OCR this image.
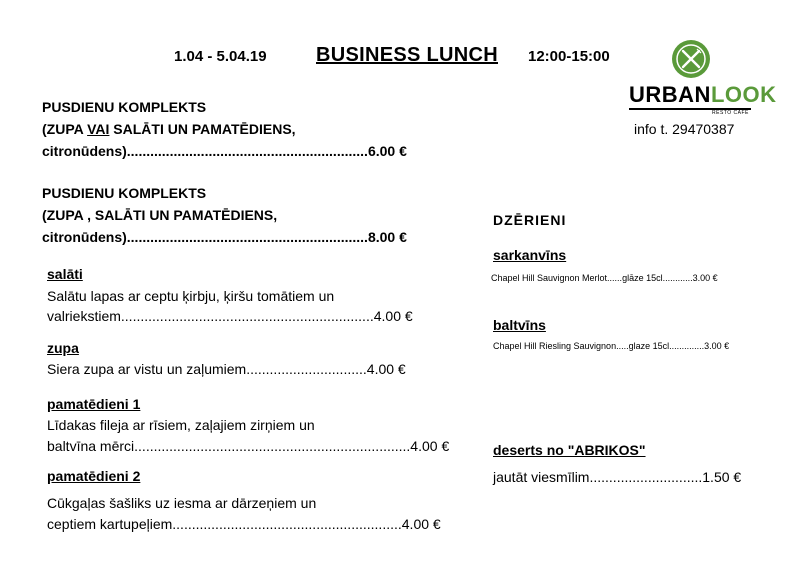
1.04 - 5.04.19 BUSINESS LUNCH 12:00-15:00
URBANLOOK
RESTO CAFE
info t. 29470387
PUSDIENU KOMPLEKTS
(ZUPA VAI SALĀTI UN PAMATĒDIENS,
citronūdens)..............................................................6.00 €
PUSDIENU KOMPLEKTS
(ZUPA , SALĀTI UN PAMATĒDIENS,
citronūdens)..............................................................8.00 €
salāti
Salātu lapas ar ceptu ķirbju, ķiršu tomātiem un
valriekstiem.................................................................4.00 €
zupa
Siera zupa ar vistu un zaļumiem...............................4.00 €
pamatēdieni 1
Līdakas fileja ar rīsiem, zaļajiem zirņiem un
baltvīna mērci.......................................................................4.00 €
pamatēdieni 2
Cūkgaļas šašliks uz iesma ar dārzeņiem un
ceptiem kartupeļiem...........................................................4.00 €
DZĒRIENI
sarkanvīns
Chapel Hill Sauvignon Merlot......glāze 15cl............3.00 €
baltvīns
Chapel Hill Riesling Sauvignon.....glaze 15cl..............3.00 €
deserts no "ABRIKOS"
jautāt viesmīlim.............................1.50 €
